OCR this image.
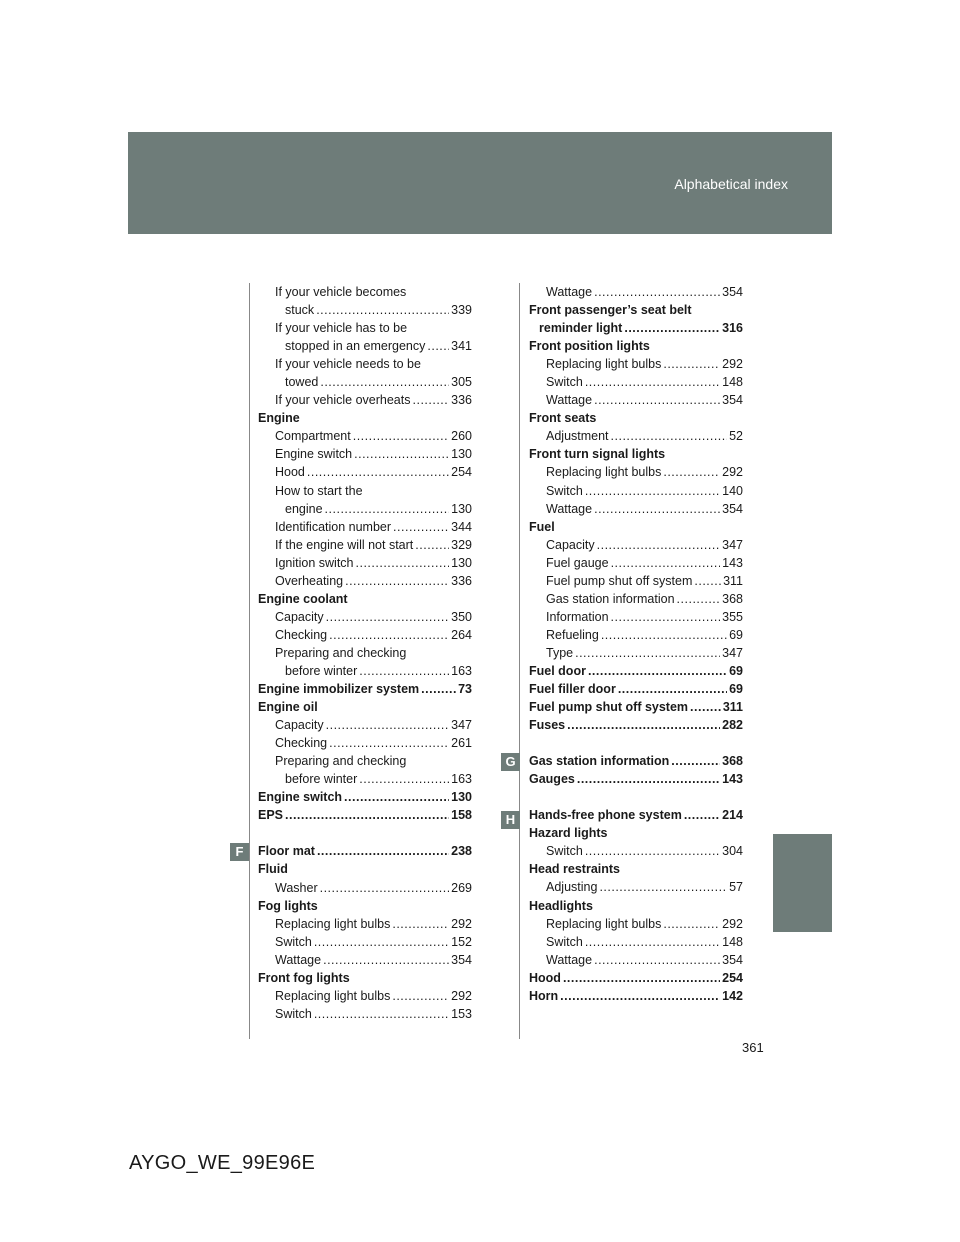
Alphabetical index
If your vehicle becomes
stuck .....	339
If your vehicle has to be
stopped in an emergency ..... 341
If your vehicle needs to be
towed .....	305
If your vehicle overheats .....	336
Engine
Compartment .....	260
Engine switch .....	130
Hood .....	254
How to start the
engine .....	130
Identification number .....	344
If the engine will not start .....	329
Ignition switch .....	130
Overheating .....	336
Engine coolant
Capacity .....	350
Checking .....	264
Preparing and checking
before winter .....	163
Engine immobilizer system .....	73
Engine oil
Capacity .....	347
Checking .....	261
Preparing and checking
before winter .....	163
Engine switch .....	130
EPS .....	158
Floor mat .....	238
Fluid
Washer .....	269
Fog lights
Replacing light bulbs .....	292
Switch .....	152
Wattage .....	354
Front fog lights
Replacing light bulbs .....	292
Switch .....	153
Wattage .....	354
Front passenger’s seat belt
reminder light .....	316
Front position lights
Replacing light bulbs .....	292
Switch .....	148
Wattage .....	354
Front seats
Adjustment .....	52
Front turn signal lights
Replacing light bulbs .....	292
Switch .....	140
Wattage .....	354
Fuel
Capacity .....	347
Fuel gauge .....	143
Fuel pump shut off system ..... 311
Gas station information .....	368
Information .....	355
Refueling .....	69
Type .....	347
Fuel door .....	69
Fuel filler door .....	69
Fuel pump shut off system .....	311
Fuses .....	282
Gas station information .....	368
Gauges .....	143
Hands-free phone system .....	214
Hazard lights
Switch .....	304
Head restraints
Adjusting .....	57
Headlights
Replacing light bulbs .....	292
Switch .....	148
Wattage .....	354
Hood .....	254
Horn .....	142
F
G
H
361
AYGO_WE_99E96E
